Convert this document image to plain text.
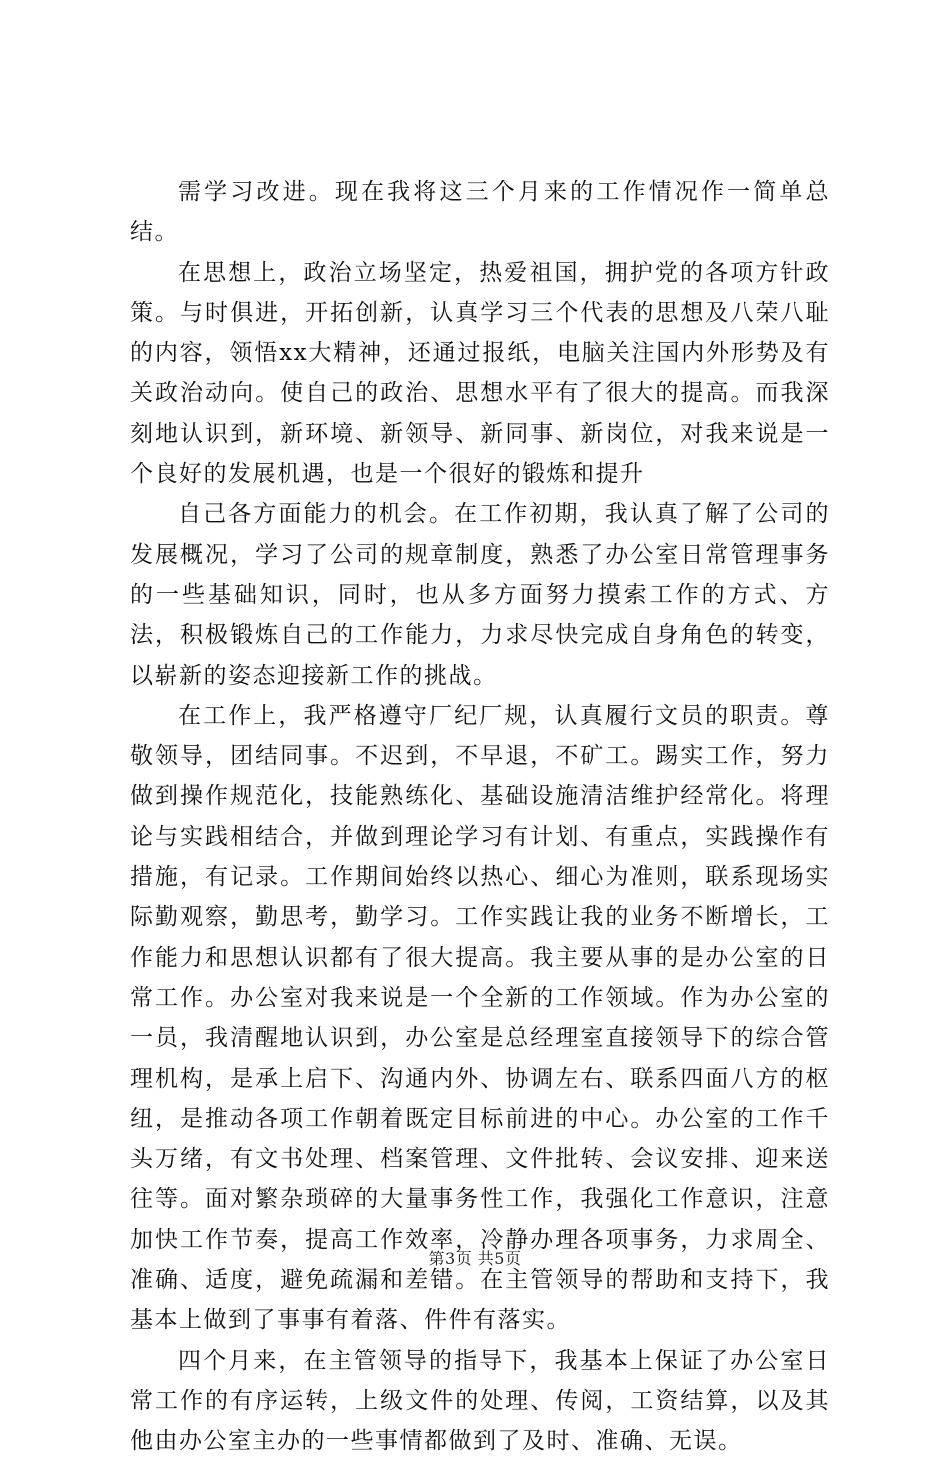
需学习改进。现在我将这三个月来的工作情况作一简单总结。

在思想上，政治立场坚定，热爱祖国，拥护党的各项方针政策。与时俱进，开拓创新，认真学习三个代表的思想及八荣八耻的内容，领悟xx大精神，还通过报纸，电脑关注国内外形势及有关政治动向。使自己的政治、思想水平有了很大的提高。而我深刻地认识到，新环境、新领导、新同事、新岗位，对我来说是一个良好的发展机遇，也是一个很好的锻炼和提升

自己各方面能力的机会。在工作初期，我认真了解了公司的发展概况，学习了公司的规章制度，熟悉了办公室日常管理事务的一些基础知识，同时，也从多方面努力摸索工作的方式、方法，积极锻炼自己的工作能力，力求尽快完成自身角色的转变，以崭新的姿态迎接新工作的挑战。

在工作上，我严格遵守厂纪厂规，认真履行文员的职责。尊敬领导，团结同事。不迟到，不早退，不矿工。踢实工作，努力做到操作规范化，技能熟练化、基础设施清洁维护经常化。将理论与实践相结合，并做到理论学习有计划、有重点，实践操作有措施，有记录。工作期间始终以热心、细心为准则，联系现场实际勤观察，勤思考，勤学习。工作实践让我的业务不断增长，工作能力和思想认识都有了很大提高。我主要从事的是办公室的日常工作。办公室对我来说是一个全新的工作领域。作为办公室的一员，我清醒地认识到，办公室是总经理室直接领导下的综合管理机构，是承上启下、沟通内外、协调左右、联系四面八方的枢纽，是推动各项工作朝着既定目标前进的中心。办公室的工作千头万绪，有文书处理、档案管理、文件批转、会议安排、迎来送往等。面对繁杂琐碎的大量事务性工作，我强化工作意识，注意加快工作节奏，提高工作效率，冷静办理各项事务，力求周全、准确、适度，避免疏漏和差错。在主管领导的帮助和支持下，我基本上做到了事事有着落、件件有落实。

四个月来，在主管领导的指导下，我基本上保证了办公室日常工作的有序运转，上级文件的处理、传阅，工资结算，以及其他由办公室主办的一些事情都做到了及时、准确、无误。

第3页 共5页
